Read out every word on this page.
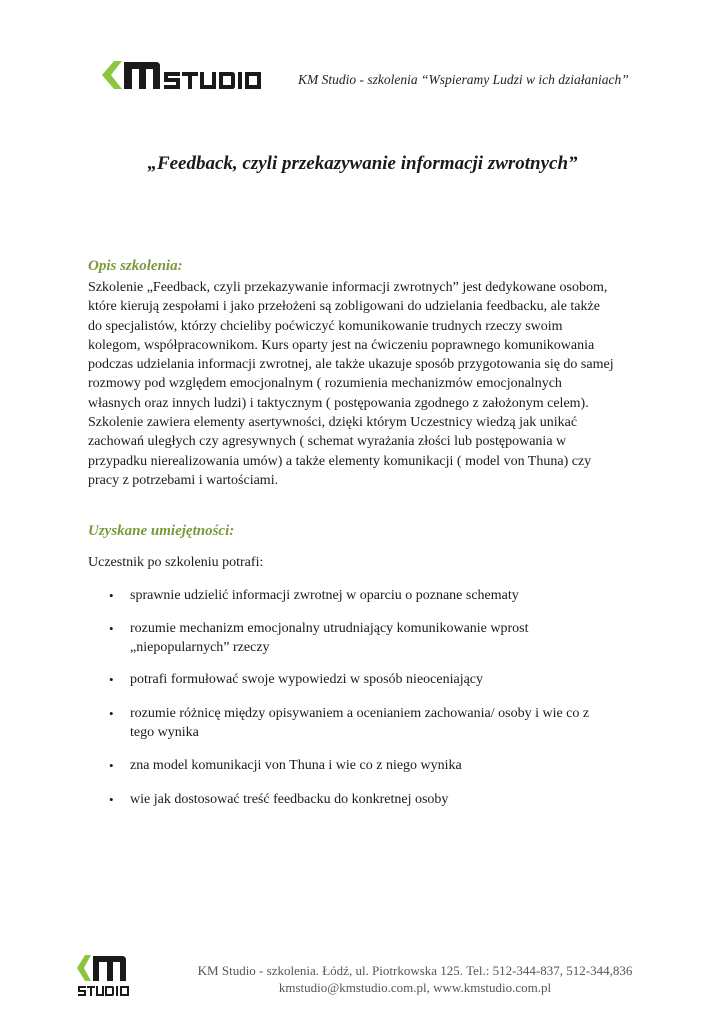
KM Studio - szkolenia “Wspieramy Ludzi w ich działaniach”
„Feedback, czyli przekazywanie informacji zwrotnych”
Opis szkolenia:

Szkolenie „Feedback, czyli przekazywanie informacji zwrotnych” jest dedykowane osobom,
które kierują zespołami i jako przełożeni są zobligowani do udzielania feedbacku, ale także
do specjalistów, którzy chcieliby poćwiczyć komunikowanie trudnych rzeczy swoim
kolegom, współpracownikom. Kurs oparty jest na ćwiczeniu poprawnego komunikowania
podczas udzielania informacji zwrotnej, ale także ukazuje sposób przygotowania się do samej
rozmowy pod względem emocjonalnym ( rozumienia mechanizmów emocjonalnych
własnych oraz innych ludzi) i taktycznym ( postępowania zgodnego z założonym celem).
Szkolenie zawiera elementy asertywności, dzięki którym Uczestnicy wiedzą jak unikać
zachowań uległych czy agresywnych ( schemat wyrażania złości lub postępowania w
przypadku nierealizowania umów) a także elementy komunikacji ( model von Thuna) czy
pracy z potrzebami i wartościami.

Uzyskane umiejętności:

Uczestnik po szkoleniu potrafi:

• sprawnie udzielić informacji zwrotnej w oparciu o poznane schematy
• rozumie mechanizm emocjonalny utrudniający komunikowanie wprost
„niepopularnych” rzeczy
• potrafi formułować swoje wypowiedzi w sposób nieoceniający
• rozumie różnicę między opisywaniem a ocenianiem zachowania/ osoby i wie co z
tego wynika
• zna model komunikacji von Thuna i wie co z niego wynika
• wie jak dostosować treść feedbacku do konkretnej osoby
KM Studio - szkolenia. Łódź, ul. Piotrkowska 125. Tel.: 512-344-837, 512-344,836
kmstudio@kmstudio.com.pl, www.kmstudio.com.pl
